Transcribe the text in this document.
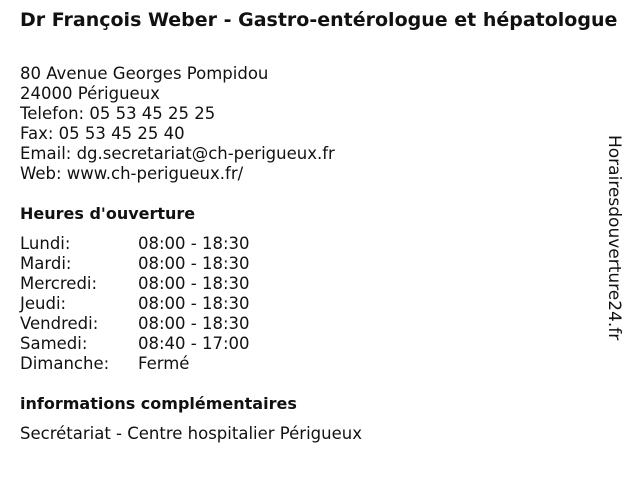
Dr François Weber - Gastro-entérologue et hépatologue
80 Avenue Georges Pompidou
24000 Périgueux
Telefon: 05 53 45 25 25
Fax: 05 53 45 25 40
Email: dg.secretariat@ch-perigueux.fr
Web: www.ch-perigueux.fr/
Heures d'ouverture
Lundi:	08:00 - 18:30
Mardi:	08:00 - 18:30
Mercredi:	08:00 - 18:30
Jeudi:	08:00 - 18:30
Vendredi:	08:00 - 18:30
Samedi:	08:40 - 17:00
Dimanche:	Fermé
informations complémentaires
Secrétariat - Centre hospitalier Périgueux
Horairesdouverture24.fr
